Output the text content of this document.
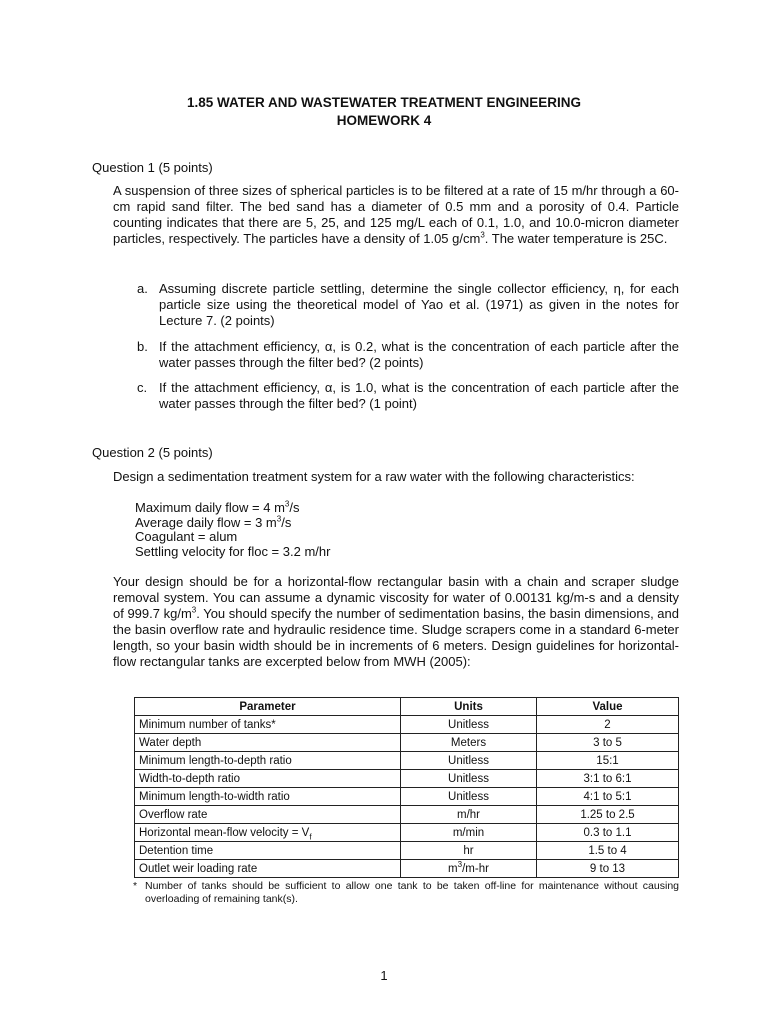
1.85 WATER AND WASTEWATER TREATMENT ENGINEERING
HOMEWORK 4
Question 1 (5 points)
A suspension of three sizes of spherical particles is to be filtered at a rate of 15 m/hr through a 60-cm rapid sand filter. The bed sand has a diameter of 0.5 mm and a porosity of 0.4. Particle counting indicates that there are 5, 25, and 125 mg/L each of 0.1, 1.0, and 10.0-micron diameter particles, respectively. The particles have a density of 1.05 $g/cm^3$. The water temperature is 25C.
a. Assuming discrete particle settling, determine the single collector efficiency, η, for each particle size using the theoretical model of Yao et al. (1971) as given in the notes for Lecture 7. (2 points)
b. If the attachment efficiency, α, is 0.2, what is the concentration of each particle after the water passes through the filter bed? (2 points)
c. If the attachment efficiency, α, is 1.0, what is the concentration of each particle after the water passes through the filter bed? (1 point)
Question 2 (5 points)
Design a sedimentation treatment system for a raw water with the following characteristics:
Maximum daily flow = 4 $m^3/s$
Average daily flow = 3 $m^3/s$
Coagulant = alum
Settling velocity for floc = 3.2 m/hr
Your design should be for a horizontal-flow rectangular basin with a chain and scraper sludge removal system. You can assume a dynamic viscosity for water of 0.00131 kg/m-s and a density of 999.7 $kg/m^3$. You should specify the number of sedimentation basins, the basin dimensions, and the basin overflow rate and hydraulic residence time. Sludge scrapers come in a standard 6-meter length, so your basin width should be in increments of 6 meters. Design guidelines for horizontal-flow rectangular tanks are excerpted below from MWH (2005):
Parameter	Units	Value
Minimum number of tanks*	Unitless	2
Water depth	Meters	3 to 5
Minimum length-to-depth ratio	Unitless	15:1
Width-to-depth ratio	Unitless	3:1 to 6:1
Minimum length-to-width ratio	Unitless	4:1 to 5:1
Overflow rate	m/hr	1.25 to 2.5
Horizontal mean-flow velocity = $V_f$	m/min	0.3 to 1.1
Detention time	hr	1.5 to 4
Outlet weir loading rate	$m^3/m-hr$	9 to 13
* Number of tanks should be sufficient to allow one tank to be taken off-line for maintenance without causing overloading of remaining tank(s).
1
